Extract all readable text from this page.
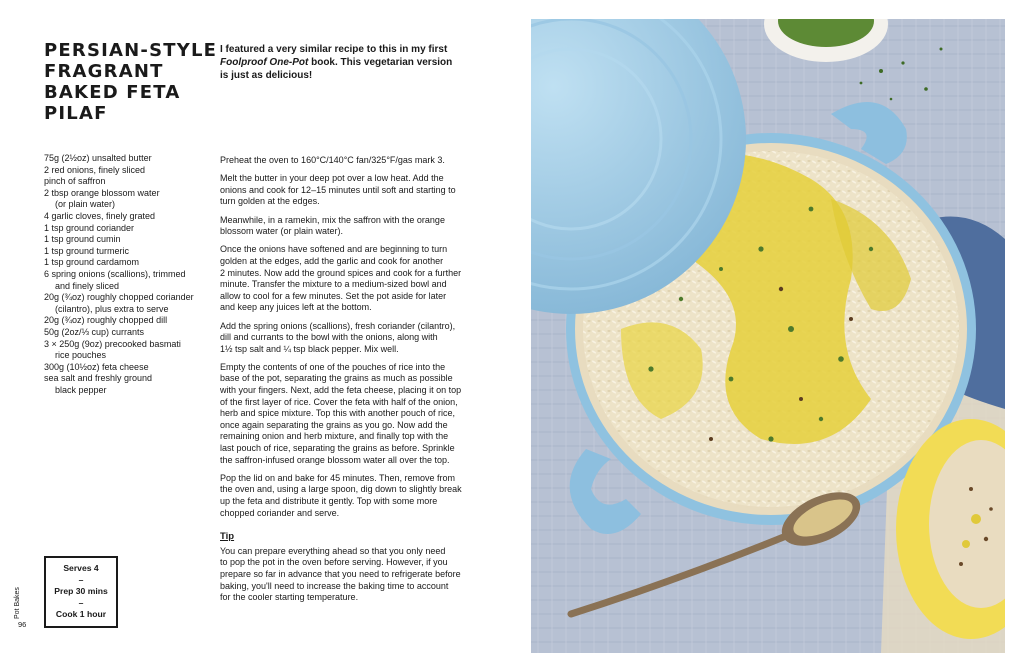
PERSIAN-STYLE
FRAGRANT
BAKED FETA
PILAF
I featured a very similar recipe to this in my first
Foolproof One-Pot book. This vegetarian version
is just as delicious!
75g (2½oz) unsalted butter
2 red onions, finely sliced
pinch of saffron
2 tbsp orange blossom water
(or plain water)
4 garlic cloves, finely grated
1 tsp ground coriander
1 tsp ground cumin
1 tsp ground turmeric
1 tsp ground cardamom
6 spring onions (scallions), trimmed
and finely sliced
20g (¾oz) roughly chopped coriander
(cilantro), plus extra to serve
20g (¾oz) roughly chopped dill
50g (2oz/⅓ cup) currants
3 × 250g (9oz) precooked basmati
rice pouches
300g (10½oz) feta cheese
sea salt and freshly ground
black pepper

Preheat the oven to 160°C/140°C fan/325°F/gas mark 3.

Melt the butter in your deep pot over a low heat. Add the
onions and cook for 12–15 minutes until soft and starting to
turn golden at the edges.

Meanwhile, in a ramekin, mix the saffron with the orange
blossom water (or plain water).

Once the onions have softened and are beginning to turn
golden at the edges, add the garlic and cook for another
2 minutes. Now add the ground spices and cook for a further
minute. Transfer the mixture to a medium-sized bowl and
allow to cool for a few minutes. Set the pot aside for later
and keep any juices left at the bottom.

Add the spring onions (scallions), fresh coriander (cilantro),
dill and currants to the bowl with the onions, along with
1½ tsp salt and ¼ tsp black pepper. Mix well.

Empty the contents of one of the pouches of rice into the
base of the pot, separating the grains as much as possible
with your fingers. Next, add the feta cheese, placing it on top
of the first layer of rice. Cover the feta with half of the onion,
herb and spice mixture. Top this with another pouch of rice,
once again separating the grains as you go. Now add the
remaining onion and herb mixture, and finally top with the
last pouch of rice, separating the grains as before. Sprinkle
the saffron-infused orange blossom water all over the top.

Pop the lid on and bake for 45 minutes. Then, remove from
the oven and, using a large spoon, dig down to slightly break
up the feta and distribute it gently. Top with some more
chopped coriander and serve.

Tip
You can prepare everything ahead so that you only need
to pop the pot in the oven before serving. However, if you
prepare so far in advance that you need to refrigerate before
baking, you'll need to increase the baking time to account
for the cooler starting temperature.
Serves 4
–
Prep 30 mins
–
Cook 1 hour
Pot Bakes
96
